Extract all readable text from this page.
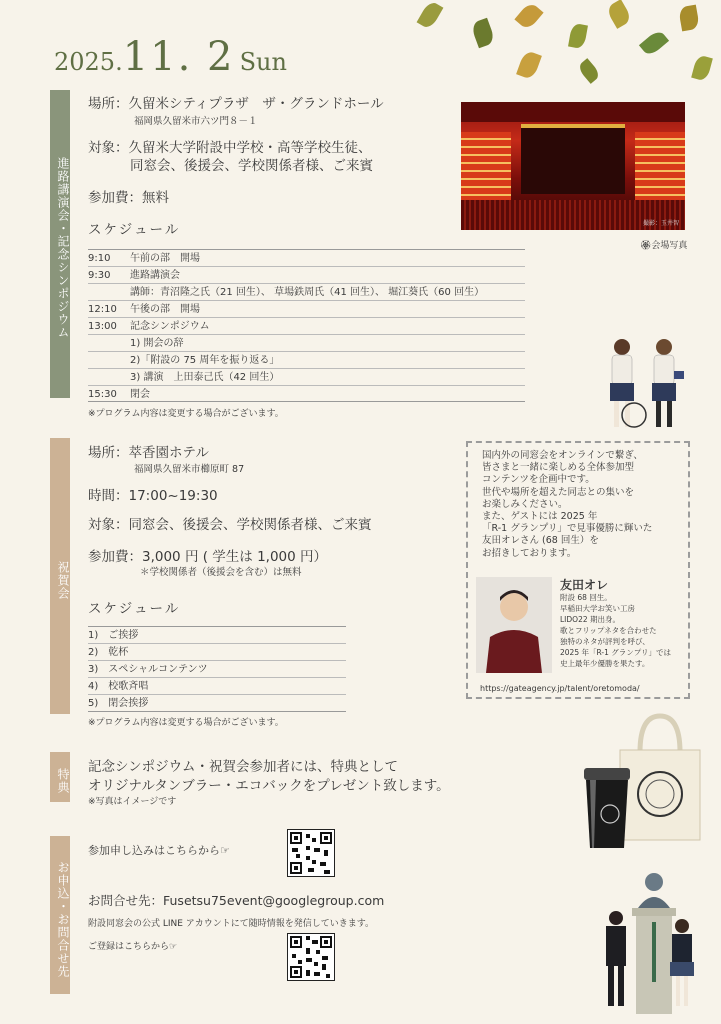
2025.11. 2 Sun
進路講演会・記念シンポジウム
祝賀会
特典
お申込・お問合せ先
場所：久留米シティプラザ　ザ・グランドホール
福岡県久留米市六ツ門８－１
対象：久留米大学附設中学校・高等学校生徒、
同窓会、後援会、学校関係者様、ご来賓
参加費：無料
スケジュール	撮影：玉井智
🏵会場写真
9:10 午前の部　開場
9:30 進路講演会
講師：青沼隆之氏（21 回生）、 草場鉄周氏（41 回生）、 堀江葵氏（60 回生）
12:10 午後の部　開場
13:00 記念シンポジウム
1) 開会の辞
2)「附設の 75 周年を振り返る」
3) 講演　上田泰己氏（42 回生）
15:30 閉会
※プログラム内容は変更する場合がございます。
場所：萃香園ホテル
福岡県久留米市櫛原町 87
時間：17:00~19:30
対象：同窓会、後援会、学校関係者様、ご来賓
参加費：3,000 円 ( 学生は 1,000 円）
＊学校関係者（後援会を含む）は無料
スケジュール
1)　ご挨拶
2)　乾杯
3)　スペシャルコンテンツ
4)　校歌斉唱
5)　閉会挨拶
※プログラム内容は変更する場合がございます。
国内外の同窓会をオンラインで繋ぎ、
皆さまと一緒に楽しめる全体参加型
コンテンツを企画中です。
世代や場所を超えた同志との集いを
お楽しみください。
また、ゲストには 2025 年
「R-1 グランプリ」で見事優勝に輝いた
友田オレさん (68 回生）を
お招きしております。
友田オレ
附設 68 回生。
早稲田大学お笑い工房
LIDO22 期出身。
歌とフリップネタを合わせた
独特のネタが評判を呼び、
2025 年「R-1 グランプリ」では
史上最年少優勝を果たす。
https://gateagency.jp/talent/oretomoda/
記念シンポジウム・祝賀会参加者には、特典として
オリジナルタンブラー・エコバックをプレゼント致します。
※写真はイメージです
参加申し込みはこちらから☞
お問合せ先：Fusetsu75event@googlegroup.com
附設同窓会の公式 LINE アカウントにて随時情報を発信していきます。
ご登録はこちらから☞
